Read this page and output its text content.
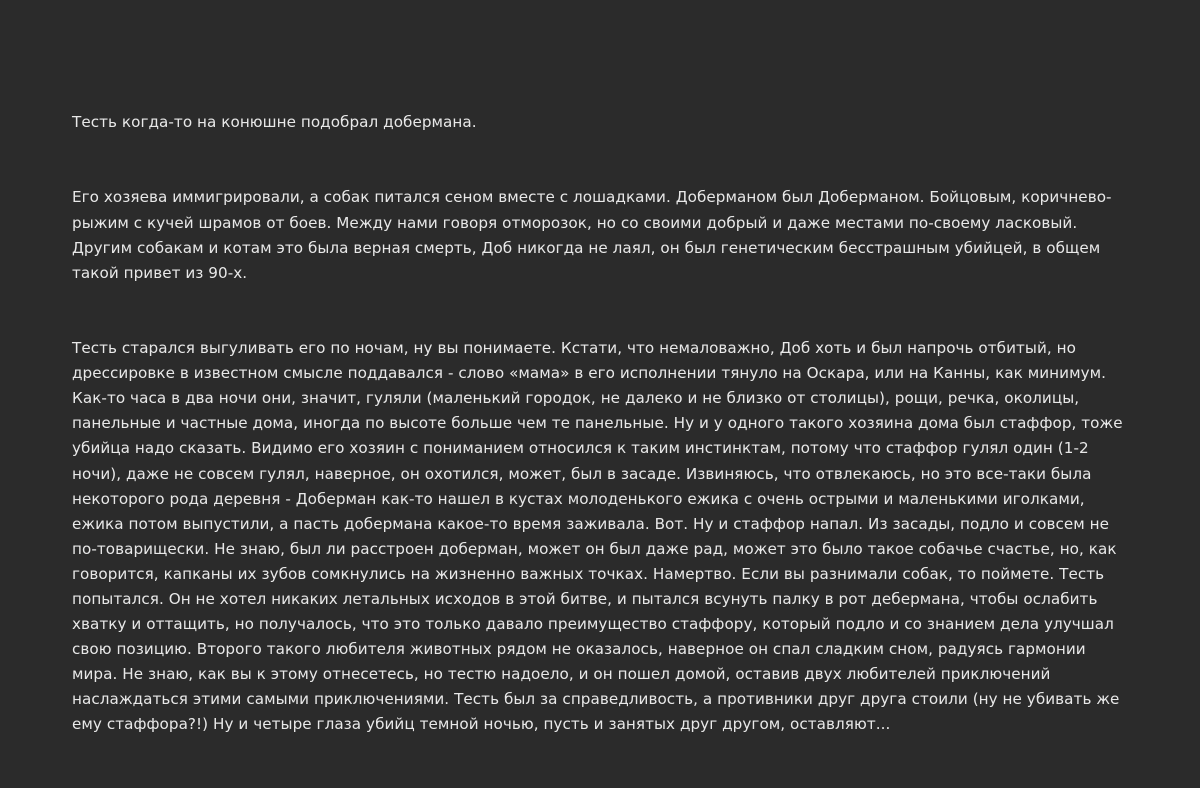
Тесть когда-то на конюшне подобрал добермана.

Его хозяева иммигрировали, а собак питался сеном вместе с лошадками. Доберманом был Доберманом. Бойцовым, коричнево-рыжим с кучей шрамов от боев. Между нами говоря отморозок, но со своими добрый и даже местами по-своему ласковый. Другим собакам и котам это была верная смерть, Доб никогда не лаял, он был генетическим бесстрашным убийцей, в общем такой привет из 90-х.

Тесть старался выгуливать его по ночам, ну вы понимаете. Кстати, что немаловажно, Доб хоть и был напрочь отбитый, но дрессировке в известном смысле поддавался - слово «мама» в его исполнении тянуло на Оскара, или на Канны, как минимум. Как-то часа в два ночи они, значит, гуляли (маленький городок, не далеко и не близко от столицы), рощи, речка, околицы, панельные и частные дома, иногда по высоте больше чем те панельные. Ну и у одного такого хозяина дома был стаффор, тоже убийца надо сказать. Видимо его хозяин с пониманием относился к таким инстинктам, потому что стаффор гулял один (1-2 ночи), даже не совсем гулял, наверное, он охотился, может, был в засаде. Извиняюсь, что отвлекаюсь, но это все-таки была некоторого рода деревня - Доберман как-то нашел в кустах молоденького ежика с очень острыми и маленькими иголками, ежика потом выпустили, а пасть добермана какое-то время заживала. Вот. Ну и стаффор напал. Из засады, подло и совсем не по-товарищески. Не знаю, был ли расстроен доберман, может он был даже рад, может это было такое собачье счастье, но, как говорится, капканы их зубов сомкнулись на жизненно важных точках. Намертво. Если вы разнимали собак, то поймете. Тесть попытался. Он не хотел никаких летальных исходов в этой битве, и пытался всунуть палку в рот дебермана, чтобы ослабить хватку и оттащить, но получалось, что это только давало преимущество стаффору, который подло и со знанием дела улучшал свою позицию. Второго такого любителя животных рядом не оказалось, наверное он спал сладким сном, радуясь гармонии мира. Не знаю, как вы к этому отнесетесь, но тестю надоело, и он пошел домой, оставив двух любителей приключений наслаждаться этими самыми приключениями. Тесть был за справедливость, а противники друг друга стоили (ну не убивать же ему стаффора?!) Ну и четыре глаза убийц темной ночью, пусть и занятых друг другом, оставляют...
